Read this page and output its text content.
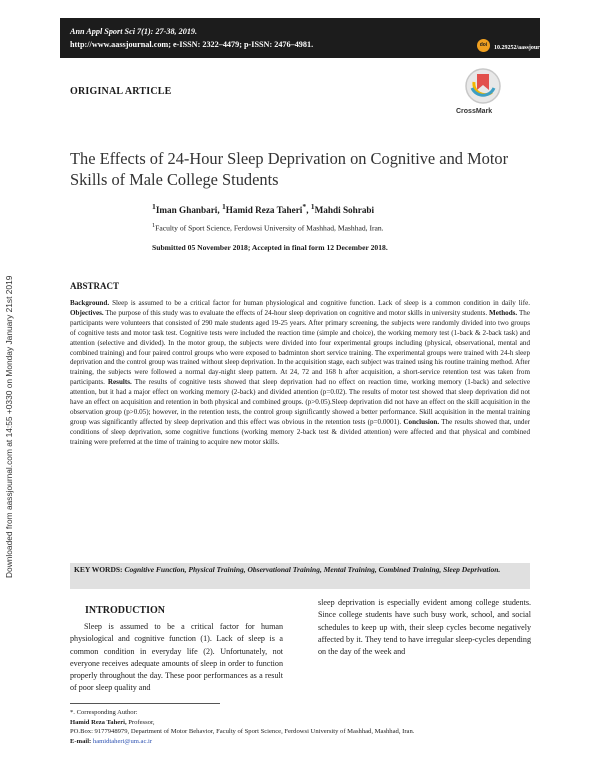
Ann Appl Sport Sci 7(1): 27-38, 2019.
http://www.aassjournal.com; e-ISSN: 2322–4479; p-ISSN: 2476–4981.	doi	10.29252/aassjournal.7.1.27
ORIGINAL ARTICLE
CrossMark
Downloaded from aassjournal.com at 14:55 +0330 on Monday January 21st 2019
The Effects of 24-Hour Sleep Deprivation on Cognitive and Motor Skills of Male College Students
$^1$Iman Ghanbari, $^1$Hamid Reza Taheri*, $^1$Mahdi Sohrabi
$^1$Faculty of Sport Science, Ferdowsi University of Mashhad, Mashhad, Iran.
Submitted 05 November 2018; Accepted in final form 12 December 2018.
ABSTRACT

Background. Sleep is assumed to be a critical factor for human physiological and cognitive function. Lack of sleep is a common condition in daily life. Objectives. The purpose of this study was to evaluate the effects of 24-hour sleep deprivation on cognitive and motor skills in university students. Methods. The participants were volunteers that consisted of 290 male students aged 19-25 years. After primary screening, the subjects were randomly divided into two groups of cognitive tests and motor task test. Cognitive tests were included the reaction time (simple and choice), the working memory test (1-back & 2-back task) and attention (selective and divided). In the motor group, the subjects were divided into four experimental groups including (physical, observational, mental and combined training) and four paired control groups who were exposed to badminton short service training. The experimental groups were trained with 24-h sleep deprivation and the control group was trained without sleep deprivation. In the acquisition stage, each subject was trained using his routine training method. After training, the subjects were followed a normal day-night sleep pattern. At 24, 72 and 168 h after acquisition, a short-service retention test was taken from participants. Results. The results of cognitive tests showed that sleep deprivation had no effect on reaction time, working memory (1-back) and selective attention, but it had a major effect on working memory (2-back) and divided attention (p=0.02). The results of motor test showed that sleep deprivation did not have an effect on acquisition and retention in both physical and combined groups. (p>0.05).Sleep deprivation did not have an effect on the skill acquisition in the observation group (p>0.05); however, in the retention tests, the control group significantly showed a better performance. Skill acquisition in the mental training group was significantly affected by sleep deprivation and this effect was obvious in the retention tests (p=0.0001). Conclusion. The results showed that, under conditions of sleep deprivation, some cognitive functions (working memory 2-back test & divided attention) were affected and that physical and combined training were preferred at the time of training to acquire new motor skills.

KEY WORDS: Cognitive Function, Physical Training, Observational Training, Mental Training, Combined Training, Sleep Deprivation.
INTRODUCTION

Sleep is assumed to be a critical factor for human physiological and cognitive function (1). Lack of sleep is a common condition in everyday life (2). Unfortunately, not everyone receives adequate amounts of sleep in order to function properly throughout the day. These poor performances as a result of poor sleep quality and

sleep deprivation is especially evident among college students. Since college students have such busy work, school, and social schedules to keep up with, their sleep cycles become negatively affected by it. They tend to have irregular sleep-cycles depending on the day of the week and

*. Corresponding Author:
Hamid Reza Taheri, Professor,
PO.Box: 9177948979, Department of Motor Behavior, Faculty of Sport Science, Ferdowsi University of Mashhad, Mashhad, Iran.
E-mail: hamidtaheri@um.ac.ir
